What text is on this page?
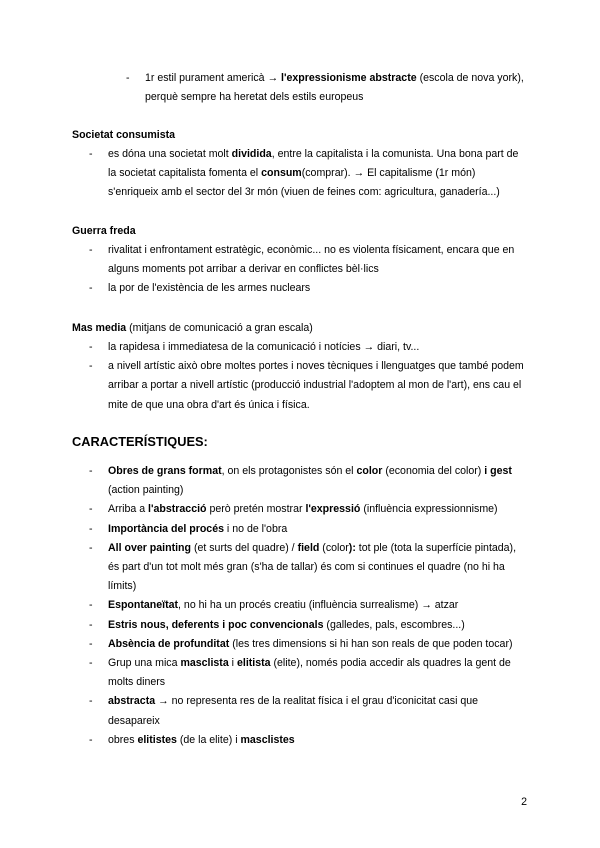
- 1r estil purament americà → l'expressionisme abstracte (escola de nova york), perquè sempre ha heretat dels estils europeus
Societat consumista
- es dóna una societat molt dividida, entre la capitalista i la comunista. Una bona part de la societat capitalista fomenta el consum(comprar). → El capitalisme (1r món) s'enriqueix amb el sector del 3r món (viuen de feines com: agricultura, ganadería...)
Guerra freda
- rivalitat i enfrontament estratègic, econòmic... no es violenta físicament, encara que en alguns moments pot arribar a derivar en conflictes bèl·lics
- la por de l'existència de les armes nuclears
Mas media (mitjans de comunicació a gran escala)
- la rapidesa i immediatesa de la comunicació i notícies → diari, tv...
- a nivell artístic això obre moltes portes i noves tècniques i llenguatges que també podem arribar a portar a nivell artístic (producció industrial l'adoptem al mon de l'art), ens cau el mite de que una obra d'art és única i física.
CARACTERÍSTIQUES:
- Obres de grans format, on els protagonistes són el color (economia del color) i gest (action painting)
- Arriba a l'abstracció però pretén mostrar l'expressió (influència expressionnisme)
- Importància del procés i no de l'obra
- All over painting (et surts del quadre) / field (color): tot ple (tota la superfície pintada), és part d'un tot molt més gran (s'ha de tallar) és com si continues el quadre (no hi ha límits)
- Espontaneïtat, no hi ha un procés creatiu (influència surrealisme) → atzar
- Estris nous, deferents i poc convencionals (galledes, pals, escombres...)
- Absència de profunditat (les tres dimensions si hi han son reals de que poden tocar)
- Grup una mica masclista i elitista (elite), només podia accedir als quadres la gent de molts diners
- abstracta → no representa res de la realitat física i el grau d'iconicitat casi que desapareix
- obres elitistes (de la elite) i masclistes
2
